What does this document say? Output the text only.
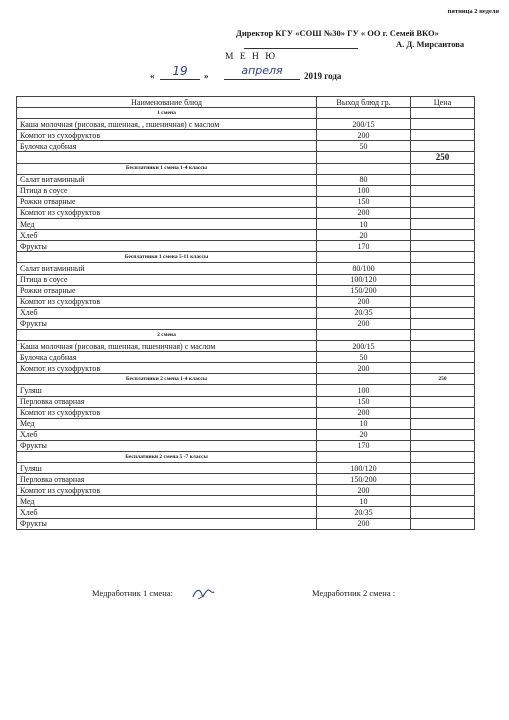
пятница 2 неделя
Директор КГУ «СОШ №30» ГУ « ОО г. Семей ВКО»
А. Д. Мирсаитова
М Е Н Ю
«	19	»	апреля	2019 года
Наименование блюд	Выход блюд гр.	Цена
1 смена		
Каша молочная (рисовая, пшенная, , пшеничная) с маслом	200/15	
Компот из сухофруктов	200	
Булочка сдобная	50	
		250
Бесплатники 1 смена 1-4 классы		
Салат витаминный	80	
Птица в соусе	100	
Рожки отварные	150	
Компот из сухофруктов	200	
Мед	10	
Хлеб	20	
Фрукты	170	
Бесплатники 1 смена 5-11 классы		
Салат витаминный	80/100	
Птица в соусе	100/120	
Рожки отварные	150/200	
Компот из сухофруктов	200	
Хлеб	20/35	
Фрукты	200	
2 смена		
Каша молочная (рисовая, пшенная, пшеничная) с маслом	200/15	
Булочка сдобная	50	
Компот из сухофруктов	200	
Бесплатники 2 смена 1-4 классы		250
Гуляш	100	
Перловка отварная	150	
Компот из сухофруктов	200	
Мед	10	
Хлеб	20	
Фрукты	170	
Бесплатники 2 смена 5 -7 классы		
Гуляш	100/120	
Перловка отварная	150/200	
Компот из сухофруктов	200	
Мед	10	
Хлеб	20/35	
Фрукты	200	
Медработник 1 смена:	Медработник 2 смена :
